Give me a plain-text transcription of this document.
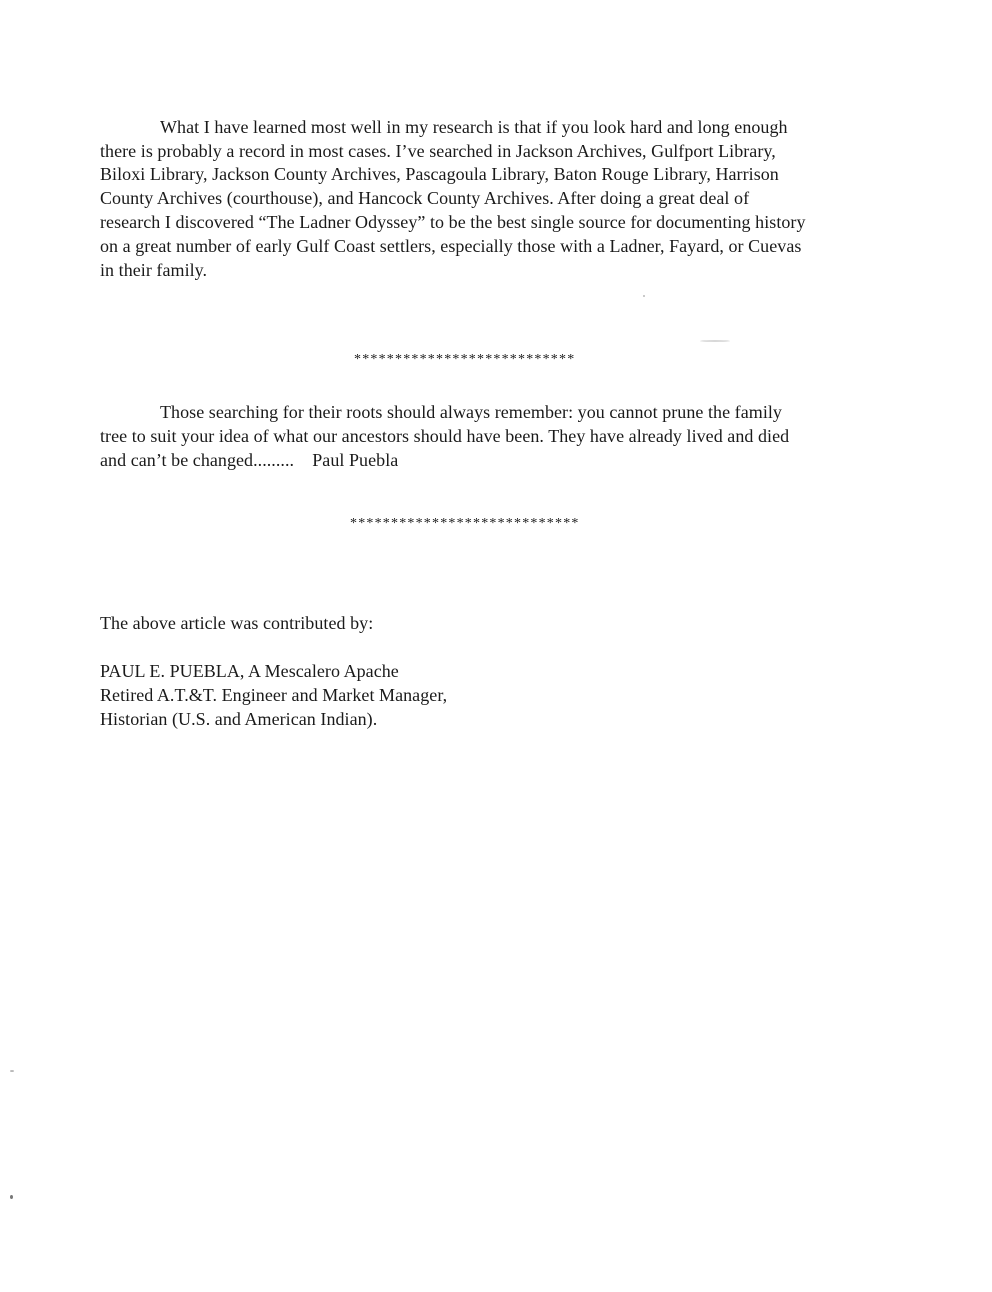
What I have learned most well in my research is that if you look hard and long enough
there is probably a record in most cases. I’ve searched in Jackson Archives, Gulfport Library,
Biloxi Library, Jackson County Archives, Pascagoula Library, Baton Rouge Library, Harrison
County Archives (courthouse), and Hancock County Archives. After doing a great deal of
research I discovered “The Ladner Odyssey” to be the best single source for documenting history
on a great number of early Gulf Coast settlers, especially those with a Ladner, Fayard, or Cuevas
in their family.
***************************
Those searching for their roots should always remember: you cannot prune the family
tree to suit your idea of what our ancestors should have been. They have already lived and died
and can’t be changed.........    Paul Puebla
****************************
The above article was contributed by:
PAUL E. PUEBLA, A Mescalero Apache
Retired A.T.&T. Engineer and Market Manager,
Historian (U.S. and American Indian).
